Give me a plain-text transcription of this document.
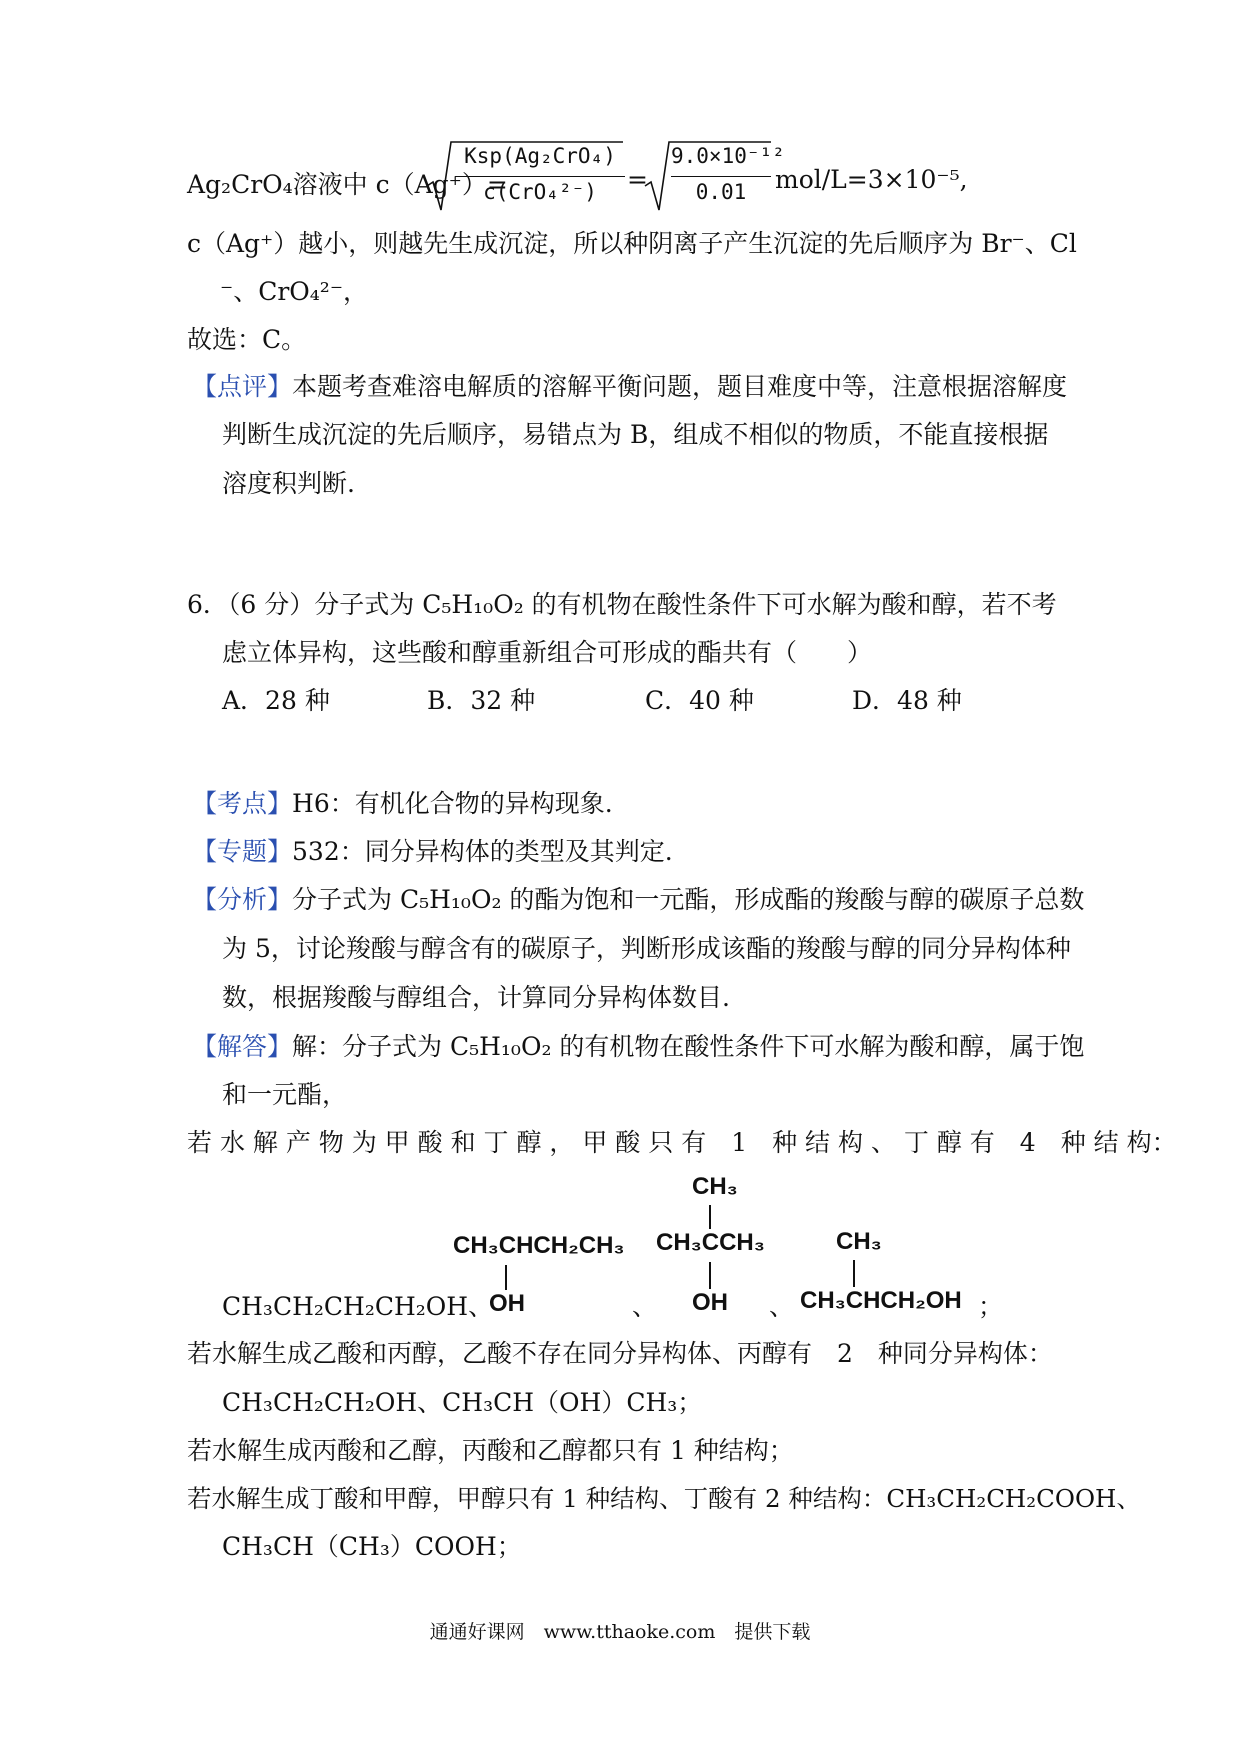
Ag₂CrO₄溶液中 c（Ag⁺）=
Ksp(Ag₂CrO₄)
c(CrO₄²⁻)	=
9.0×10⁻¹²
0.01	mol/L=3×10⁻⁵,
c（Ag⁺）越小，则越先生成沉淀，所以种阴离子产生沉淀的先后顺序为 Br⁻、Cl
⁻、CrO₄²⁻，
故选：C。
【点评】本题考查难溶电解质的溶解平衡问题，题目难度中等，注意根据溶解度
判断生成沉淀的先后顺序，易错点为 B，组成不相似的物质，不能直接根据
溶度积判断.
6．（6 分）分子式为 C₅H₁₀O₂ 的有机物在酸性条件下可水解为酸和醇，若不考
虑立体异构，这些酸和醇重新组合可形成的酯共有（　　）
A．28 种	B．32 种	C．40 种	D．48 种
【考点】H6：有机化合物的异构现象.
【专题】532：同分异构体的类型及其判定.
【分析】分子式为 C₅H₁₀O₂ 的酯为饱和一元酯，形成酯的羧酸与醇的碳原子总数
为 5，讨论羧酸与醇含有的碳原子，判断形成该酯的羧酸与醇的同分异构体种
数，根据羧酸与醇组合，计算同分异构体数目.
【解答】解：分子式为 C₅H₁₀O₂ 的有机物在酸性条件下可水解为酸和醇，属于饱
和一元酯，
若 水 解 产 物 为 甲 酸 和 丁 醇 ， 甲 酸 只 有　1　种 结 构 、 丁 醇 有　4　种 结 构：
CH₃CH₂CH₂CH₂OH、
CH₃CHCH₂CH₃
OH	、
CH₃
CH₃CCH₃
OH 、
CH₃
CH₃CHCH₂OH ；
若水解生成乙酸和丙醇，乙酸不存在同分异构体、丙醇有　2　种同分异构体：
CH₃CH₂CH₂OH、CH₃CH（OH）CH₃；
若水解生成丙酸和乙醇，丙酸和乙醇都只有 1 种结构；
若水解生成丁酸和甲醇，甲醇只有 1 种结构、丁酸有 2 种结构：CH₃CH₂CH₂COOH、
CH₃CH（CH₃）COOH；
通通好课网　www.tthaoke.com　提供下载
